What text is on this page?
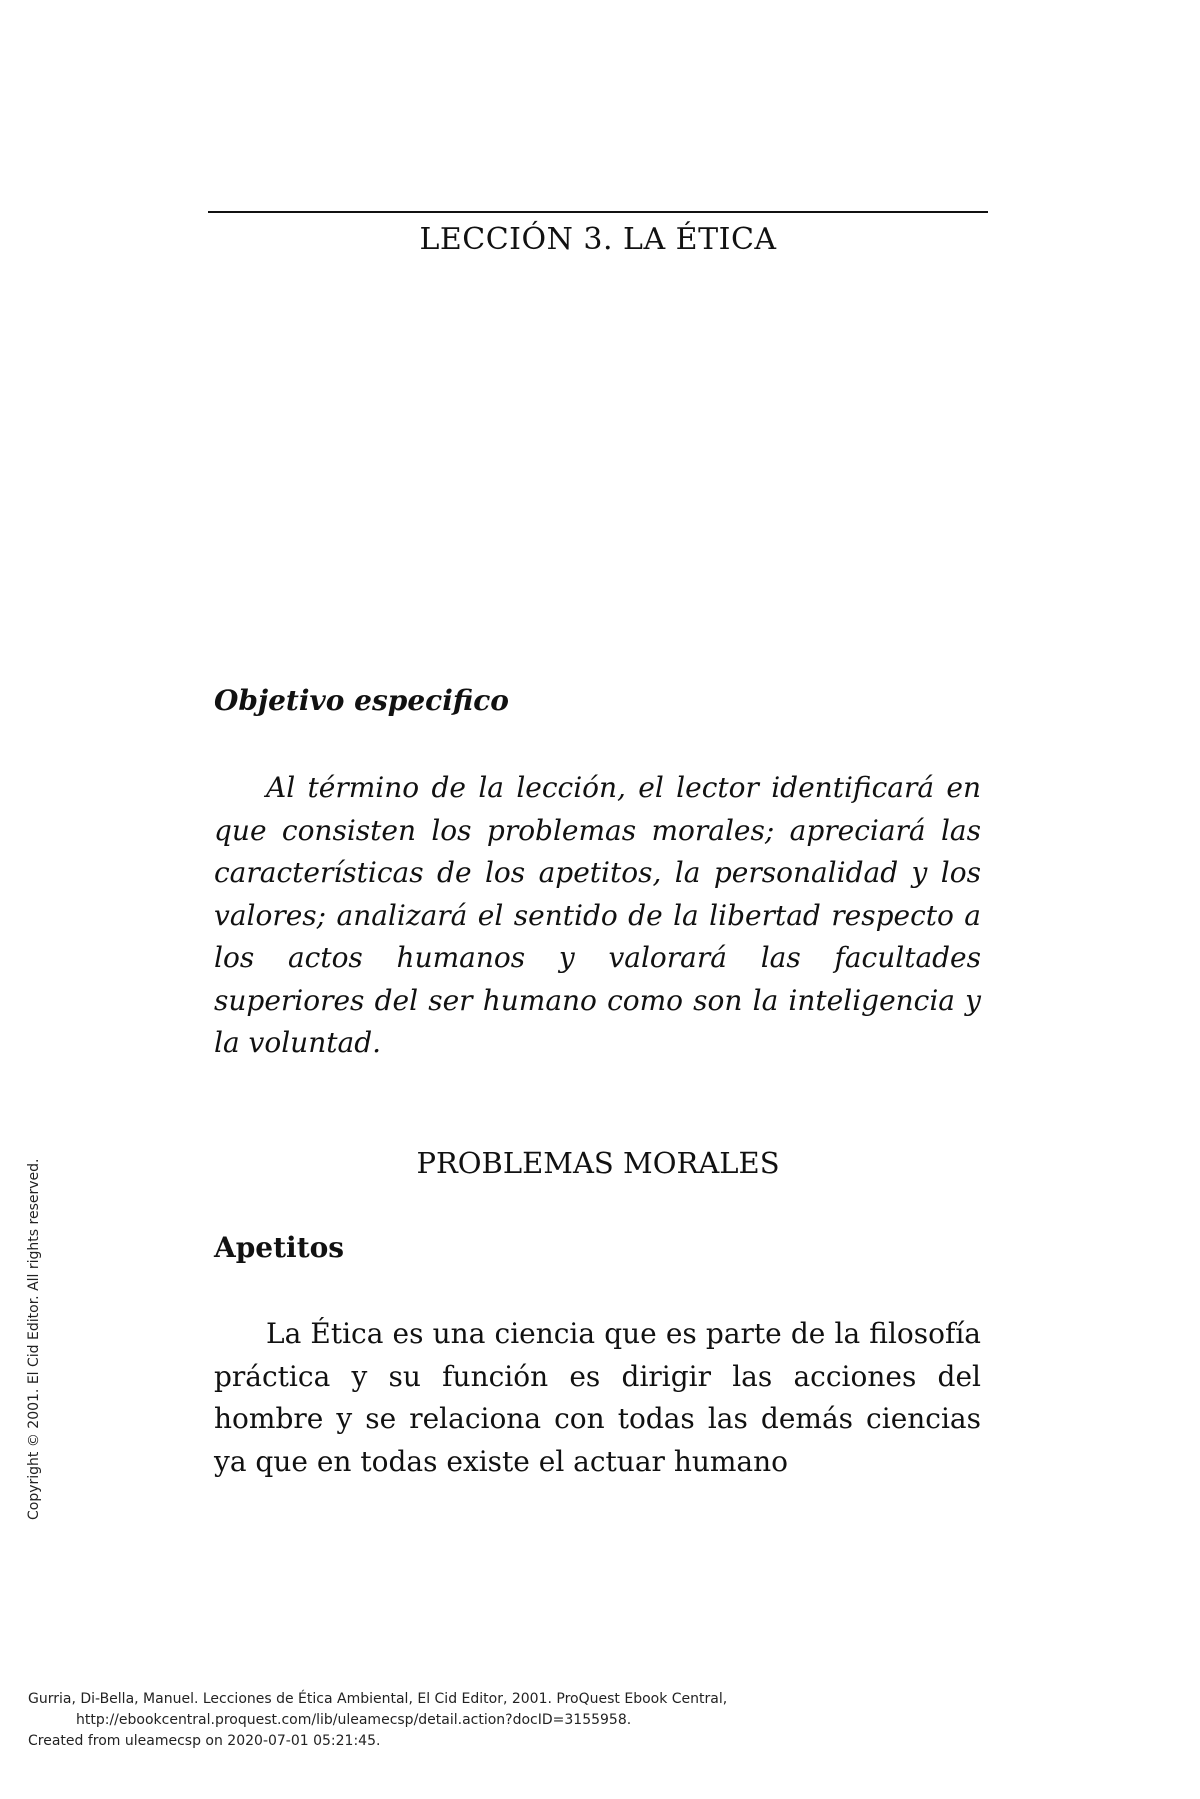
LECCIÓN 3. LA ÉTICA
Objetivo especifico

Al término de la lección, el lector identificará en que consisten los problemas morales; apreciará las características de los apetitos, la personalidad y los valores; analizará el sentido de la libertad respecto a los actos humanos y valorará las facultades superiores del ser humano como son la inteligencia y la voluntad.

PROBLEMAS MORALES
Apetitos

La Ética es una ciencia que es parte de la filosofía práctica y su función es dirigir las acciones del hombre y se relaciona con todas las demás ciencias ya que en todas existe el actuar humano

Copyright © 2001. El Cid Editor. All rights reserved.
Gurria, Di-Bella, Manuel. Lecciones de Ética Ambiental, El Cid Editor, 2001. ProQuest Ebook Central,
http://ebookcentral.proquest.com/lib/uleamecsp/detail.action?docID=3155958.
Created from uleamecsp on 2020-07-01 05:21:45.
